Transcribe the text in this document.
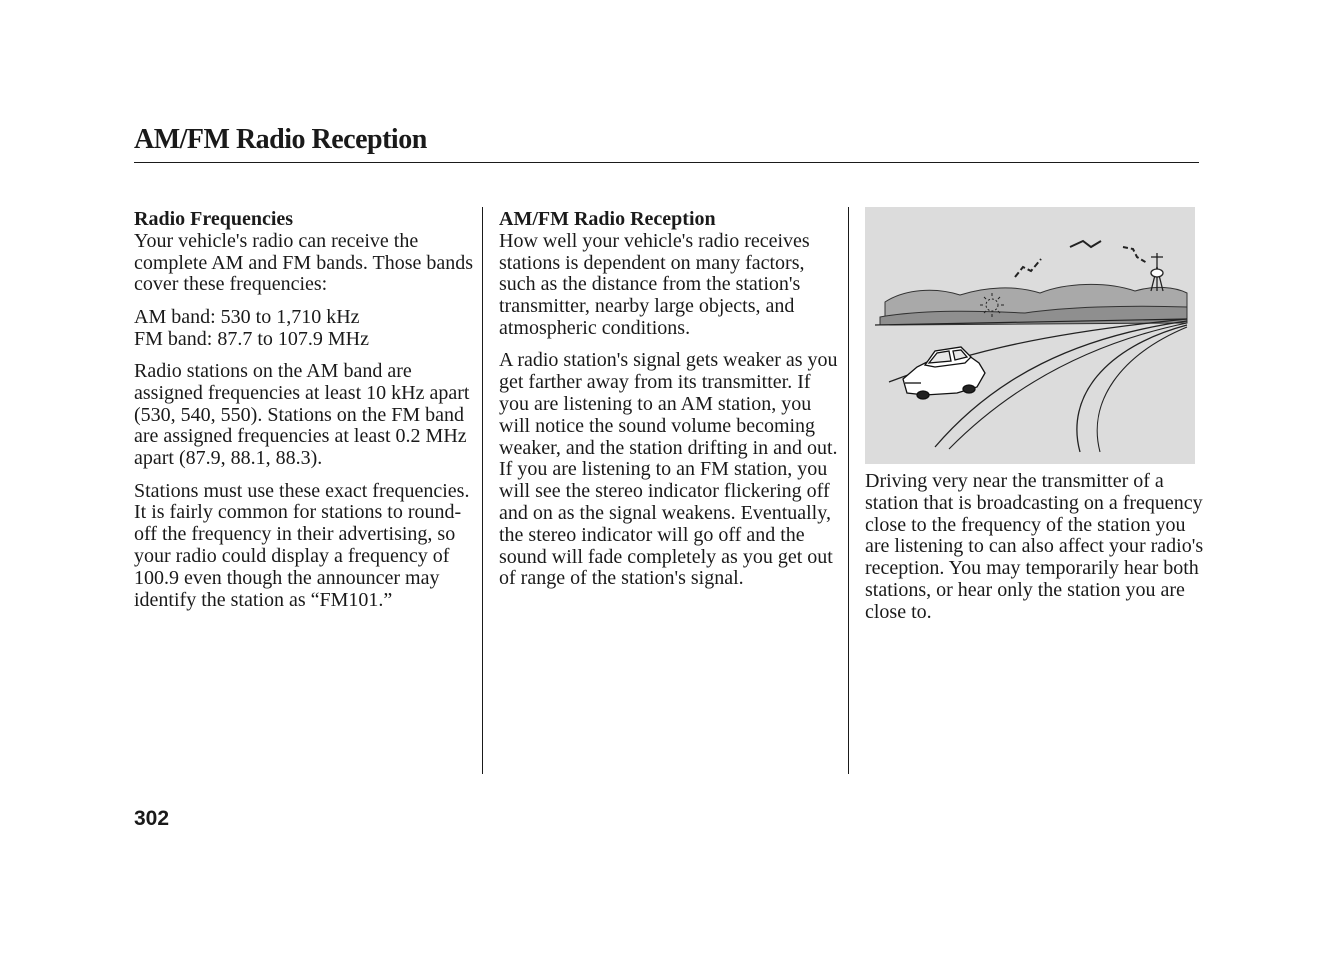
AM/FM Radio Reception
Radio Frequencies

Your vehicle's radio can receive the complete AM and FM bands. Those bands cover these frequencies:

AM band: 530 to 1,710 kHz
FM band: 87.7 to 107.9 MHz

Radio stations on the AM band are assigned frequencies at least 10 kHz apart (530, 540, 550). Stations on the FM band are assigned frequencies at least 0.2 MHz apart (87.9, 88.1, 88.3).

Stations must use these exact frequencies. It is fairly common for stations to round-off the frequency in their advertising, so your radio could display a frequency of 100.9 even though the announcer may identify the station as “FM101.”

AM/FM Radio Reception

How well your vehicle's radio receives stations is dependent on many factors, such as the distance from the station's transmitter, nearby large objects, and atmospheric conditions.

A radio station's signal gets weaker as you get farther away from its transmitter. If you are listening to an AM station, you will notice the sound volume becoming weaker, and the station drifting in and out. If you are listening to an FM station, you will see the stereo indicator flickering off and on as the signal weakens. Eventually, the stereo indicator will go off and the sound will fade completely as you get out of range of the station's signal.

Driving very near the transmitter of a station that is broadcasting on a frequency close to the frequency of the station you are listening to can also affect your radio's reception. You may temporarily hear both stations, or hear only the station you are close to.

302
